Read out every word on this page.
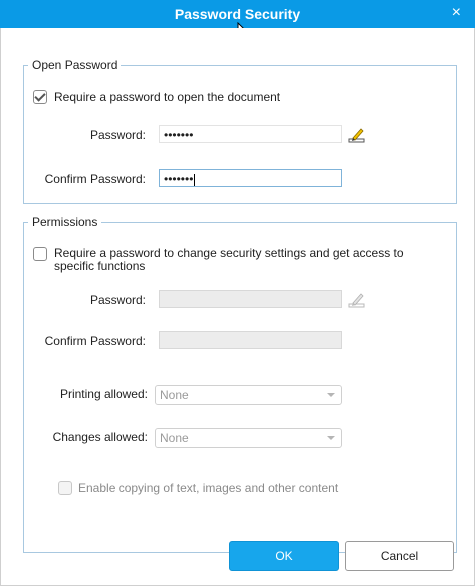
Password Security	×
Open Password
Require a password to open the document
Password:	•••••••
Confirm Password:	•••••••
Permissions
Require a password to change security settings and get access to specific functions
Password:
Confirm Password:
Printing allowed:	None
Changes allowed:	None
Enable copying of text, images and other content
OK	Cancel
